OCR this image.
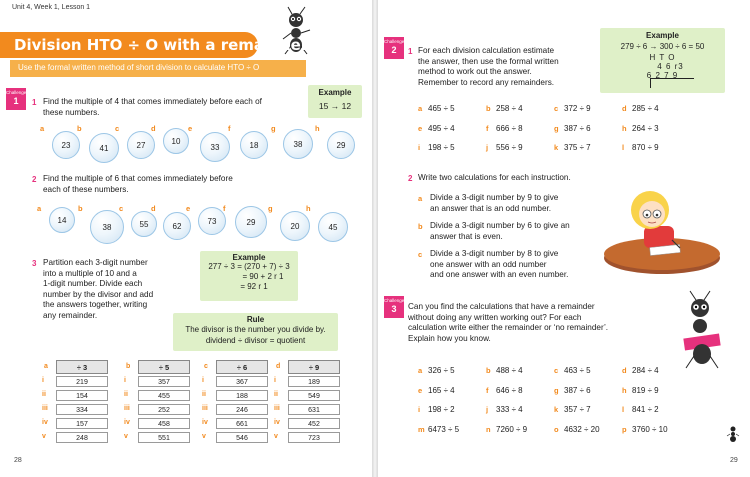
Unit 4, Week 1, Lesson 1
Division HTO ÷ O with a remainder
Use the formal written method of short division to calculate HTO ÷ O
Challenge
1	1 Find the multiple of 4 that comes immediately before each of
these numbers.
Example
15 → 12
a
23
b
41
c
27
d
10
e
33
f
18
g
38
h
29
2 Find the multiple of 6 that comes immediately before
each of these numbers.
a
14
b
38
c
55
d
62
e
73
f
29
g
20
h
45
3 Partition each 3-digit number
into a multiple of 10 and a
1-digit number. Divide each
number by the divisor and add
the answers together, writing
any remainder.
Example
277 ÷ 3 = (270 + 7) ÷ 3
= 90 + 2 r 1
= 92 r 1
Rule
The divisor is the number you divide by.
dividend ÷ divisor = quotient
a	÷ 3
i	219
ii	154
iii	334
iv	157
v	248
b	÷ 5
i	357
ii	455
iii	252
iv	458
v	551
c	÷ 6
i	367
ii	188
iii	246
iv	661
v	546
d	÷ 9
i	189
ii	549
iii	631
iv	452
v	723
28
Challenge
2	1 For each division calculation estimate
the answer, then use the formal written
method to work out the answer.
Remember to record any remainders.
Example
279 ÷ 6 → 300 ÷ 6 = 50
H T O
4 6 r3
6 2 7 9
a 465 ÷ 5	b 258 ÷ 4	c 372 ÷ 9	d 285 ÷ 4
e 495 ÷ 4	f 666 ÷ 8	g 387 ÷ 6	h 264 ÷ 3
i 198 ÷ 5	j 556 ÷ 9	k 375 ÷ 7	l 870 ÷ 9
2 Write two calculations for each instruction.
a Divide a 3-digit number by 9 to give
an answer that is an odd number.
b Divide a 3-digit number by 6 to give an
answer that is even.
c Divide a 3-digit number by 8 to give
one answer with an odd number
and one answer with an even number.
Challenge
3	Can you find the calculations that have a remainder
without doing any written working out? For each
calculation write either the remainder or ‘no remainder’.
Explain how you know.
a 326 ÷ 5	b 488 ÷ 4	c 463 ÷ 5	d 284 ÷ 4
e 165 ÷ 4	f 646 ÷ 8	g 387 ÷ 6	h 819 ÷ 9
i 198 ÷ 2	j 333 ÷ 4	k 357 ÷ 7	l 841 ÷ 2
m 6473 ÷ 5	n 7260 ÷ 9	o 4632 ÷ 20	p 3760 ÷ 10
29
